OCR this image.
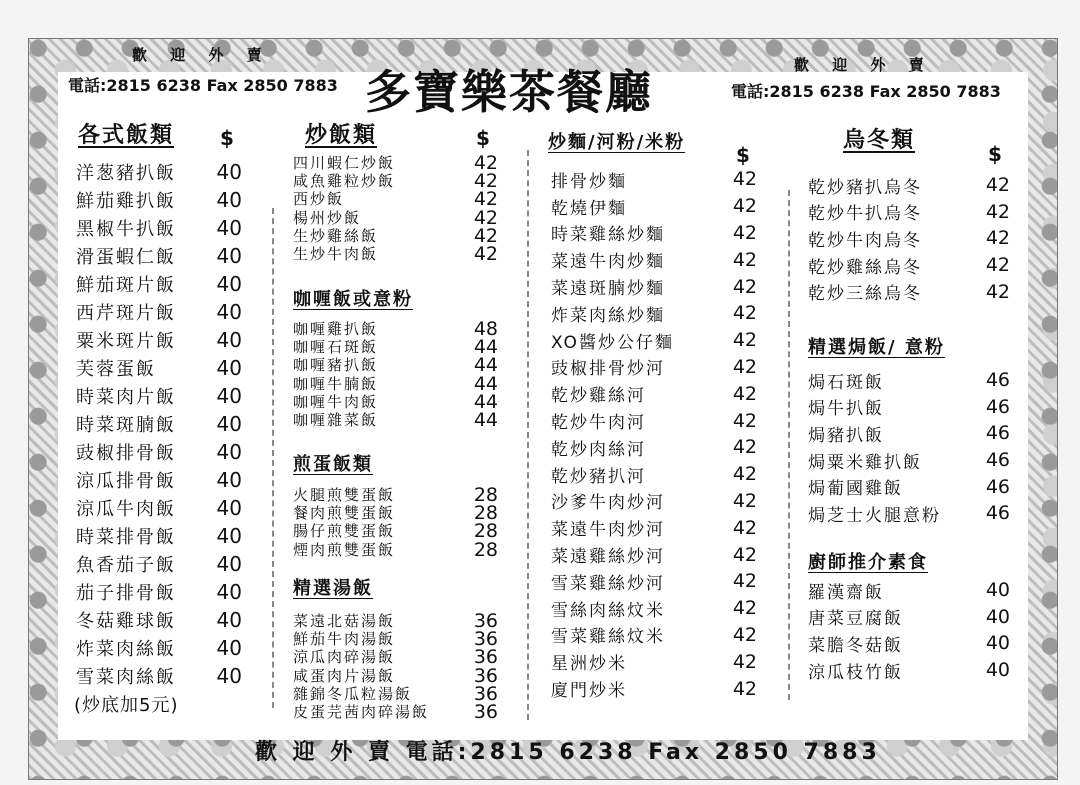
歡 迎 外 賣
電話:2815 6238 Fax 2850 7883 多寶樂茶餐廳	歡 迎 外 賣
電話:2815 6238 Fax 2850 7883
各式飯類 $
洋葱豬扒飯 40
鮮茄雞扒飯 40
黑椒牛扒飯 40
滑蛋蝦仁飯 40
鮮茄斑片飯 40
西芹斑片飯 40
粟米斑片飯 40
芙蓉蛋飯	40
時菜肉片飯 40
時菜斑腩飯 40
豉椒排骨飯 40
涼瓜排骨飯 40
涼瓜牛肉飯 40
時菜排骨飯 40
魚香茄子飯 40
茄子排骨飯 40
冬菇雞球飯 40
炸菜肉絲飯 40
雪菜肉絲飯 40
(炒底加5元)
炒飯類	$
四川蝦仁炒飯	42
咸魚雞粒炒飯	42
西炒飯	42
楊州炒飯	42
生炒雞絲飯	42
生炒牛肉飯	42
咖喱飯或意粉
咖喱雞扒飯	48
咖喱石斑飯	44
咖喱豬扒飯	44
咖喱牛腩飯	44
咖喱牛肉飯	44
咖喱雜菜飯	44
煎蛋飯類
火腿煎雙蛋飯	28
餐肉煎雙蛋飯	28
腸仔煎雙蛋飯	28
煙肉煎雙蛋飯	28
精選湯飯
菜遠北菇湯飯	36
鮮茄牛肉湯飯	36
涼瓜肉碎湯飯	36
咸蛋肉片湯飯	36
雜錦冬瓜粒湯飯	36
皮蛋芫茜肉碎湯飯 36
炒麵/河粉/米粉
$
排骨炒麵	42
乾燒伊麵	42
時菜雞絲炒麵	42
菜遠牛肉炒麵	42
菜遠斑腩炒麵	42
炸菜肉絲炒麵	42
XO醬炒公仔麵	42
豉椒排骨炒河	42
乾炒雞絲河	42
乾炒牛肉河	42
乾炒肉絲河	42
乾炒豬扒河	42
沙爹牛肉炒河	42
菜遠牛肉炒河	42
菜遠雞絲炒河	42
雪菜雞絲炒河	42
雪絲肉絲炆米	42
雪菜雞絲炆米	42
星洲炒米	42
廈門炒米	42
烏冬類
$
乾炒豬扒烏冬	42
乾炒牛扒烏冬	42
乾炒牛肉烏冬	42
乾炒雞絲烏冬	42
乾炒三絲烏冬	42
精選焗飯/ 意粉
焗石斑飯	46
焗牛扒飯	46
焗豬扒飯	46
焗粟米雞扒飯	46
焗葡國雞飯	46
焗芝士火腿意粉 46
廚師推介素食
羅漢齋飯	40
唐菜豆腐飯	40
菜膽冬菇飯	40
涼瓜枝竹飯	40
歡 迎 外 賣 電話:2815 6238 Fax 2850 7883
